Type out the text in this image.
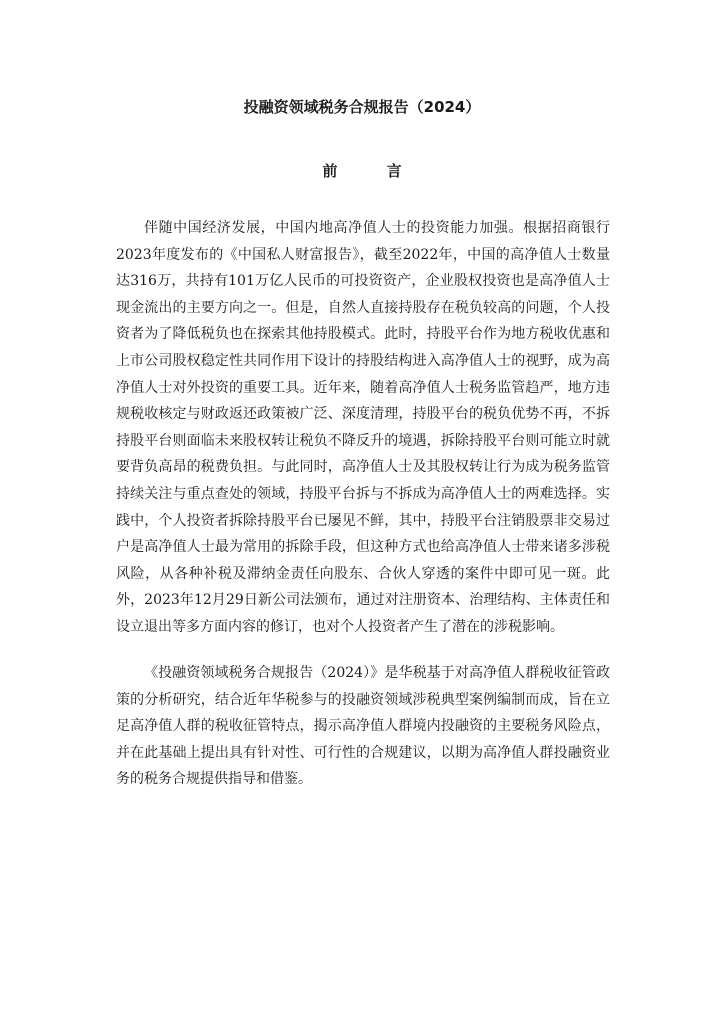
投融资领域税务合规报告（2024）
前 言

伴随中国经济发展，中国内地高净值人士的投资能力加强。根据招商银行2023年度发布的《中国私人财富报告》，截至2022年，中国的高净值人士数量达316万，共持有101万亿人民币的可投资资产，企业股权投资也是高净值人士现金流出的主要方向之一。但是，自然人直接持股存在税负较高的问题，个人投资者为了降低税负也在探索其他持股模式。此时，持股平台作为地方税收优惠和上市公司股权稳定性共同作用下设计的持股结构进入高净值人士的视野，成为高净值人士对外投资的重要工具。近年来，随着高净值人士税务监管趋严，地方违规税收核定与财政返还政策被广泛、深度清理，持股平台的税负优势不再，不拆持股平台则面临未来股权转让税负不降反升的境遇，拆除持股平台则可能立时就要背负高昂的税费负担。与此同时，高净值人士及其股权转让行为成为税务监管持续关注与重点查处的领域，持股平台拆与不拆成为高净值人士的两难选择。实践中，个人投资者拆除持股平台已屡见不鲜，其中，持股平台注销股票非交易过户是高净值人士最为常用的拆除手段，但这种方式也给高净值人士带来诸多涉税风险，从各种补税及滞纳金责任向股东、合伙人穿透的案件中即可见一斑。此外，2023年12月29日新公司法颁布，通过对注册资本、治理结构、主体责任和设立退出等多方面内容的修订，也对个人投资者产生了潜在的涉税影响。

《投融资领域税务合规报告（2024）》是华税基于对高净值人群税收征管政策的分析研究，结合近年华税参与的投融资领域涉税典型案例编制而成，旨在立足高净值人群的税收征管特点，揭示高净值人群境内投融资的主要税务风险点，并在此基础上提出具有针对性、可行性的合规建议，以期为高净值人群投融资业务的税务合规提供指导和借鉴。
